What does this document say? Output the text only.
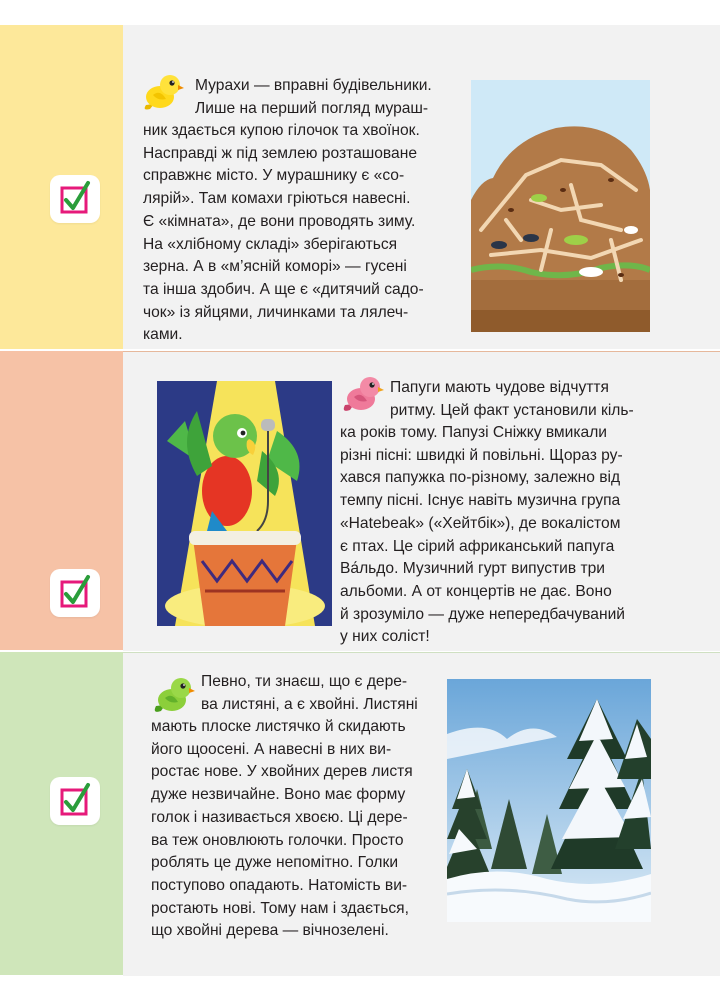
Мурахи — вправні будівельники.
Лише на перший погляд мураш-
ник здається купою гілочок та хвоїнок.
Насправді ж під землею розташоване
справжнє місто. У мурашнику є «со-
лярій». Там комахи гріються навесні.
Є «кімната», де вони проводять зиму.
На «хлібному складі» зберігаються
зерна. А в «м’ясній коморі» — гусені
та інша здобич. А ще є «дитячий садо-
чок» із яйцями, личинками та лялеч-
ками.
Папуги мають чудове відчуття
ритму. Цей факт установили кіль-
ка років тому. Папузі Сніжку вмикали
різні пісні: швидкі й повільні. Щораз ру-
хався папужка по-різному, залежно від
темпу пісні. Існує навіть музична група
«Hatebeak» («Хейтбік»), де вокалістом
є птах. Це сірий африканський папуга
Ва́льдо. Музичний гурт випустив три
альбоми. А от концертів не дає. Воно
й зрозуміло — дуже непередбачуваний
у них соліст!
Певно, ти знаєш, що є дере-
ва листяні, а є хвойні. Листяні
мають плоске листячко й скидають
його щоосені. А навесні в них ви-
ростає нове. У хвойних дерев листя
дуже незвичайне. Воно має форму
голок і називається хвоєю. Ці дере-
ва теж оновлюють голочки. Просто
роблять це дуже непомітно. Голки
поступово опадають. Натомість ви-
ростають нові. Тому нам і здається,
що хвойні дерева — вічнозелені.
